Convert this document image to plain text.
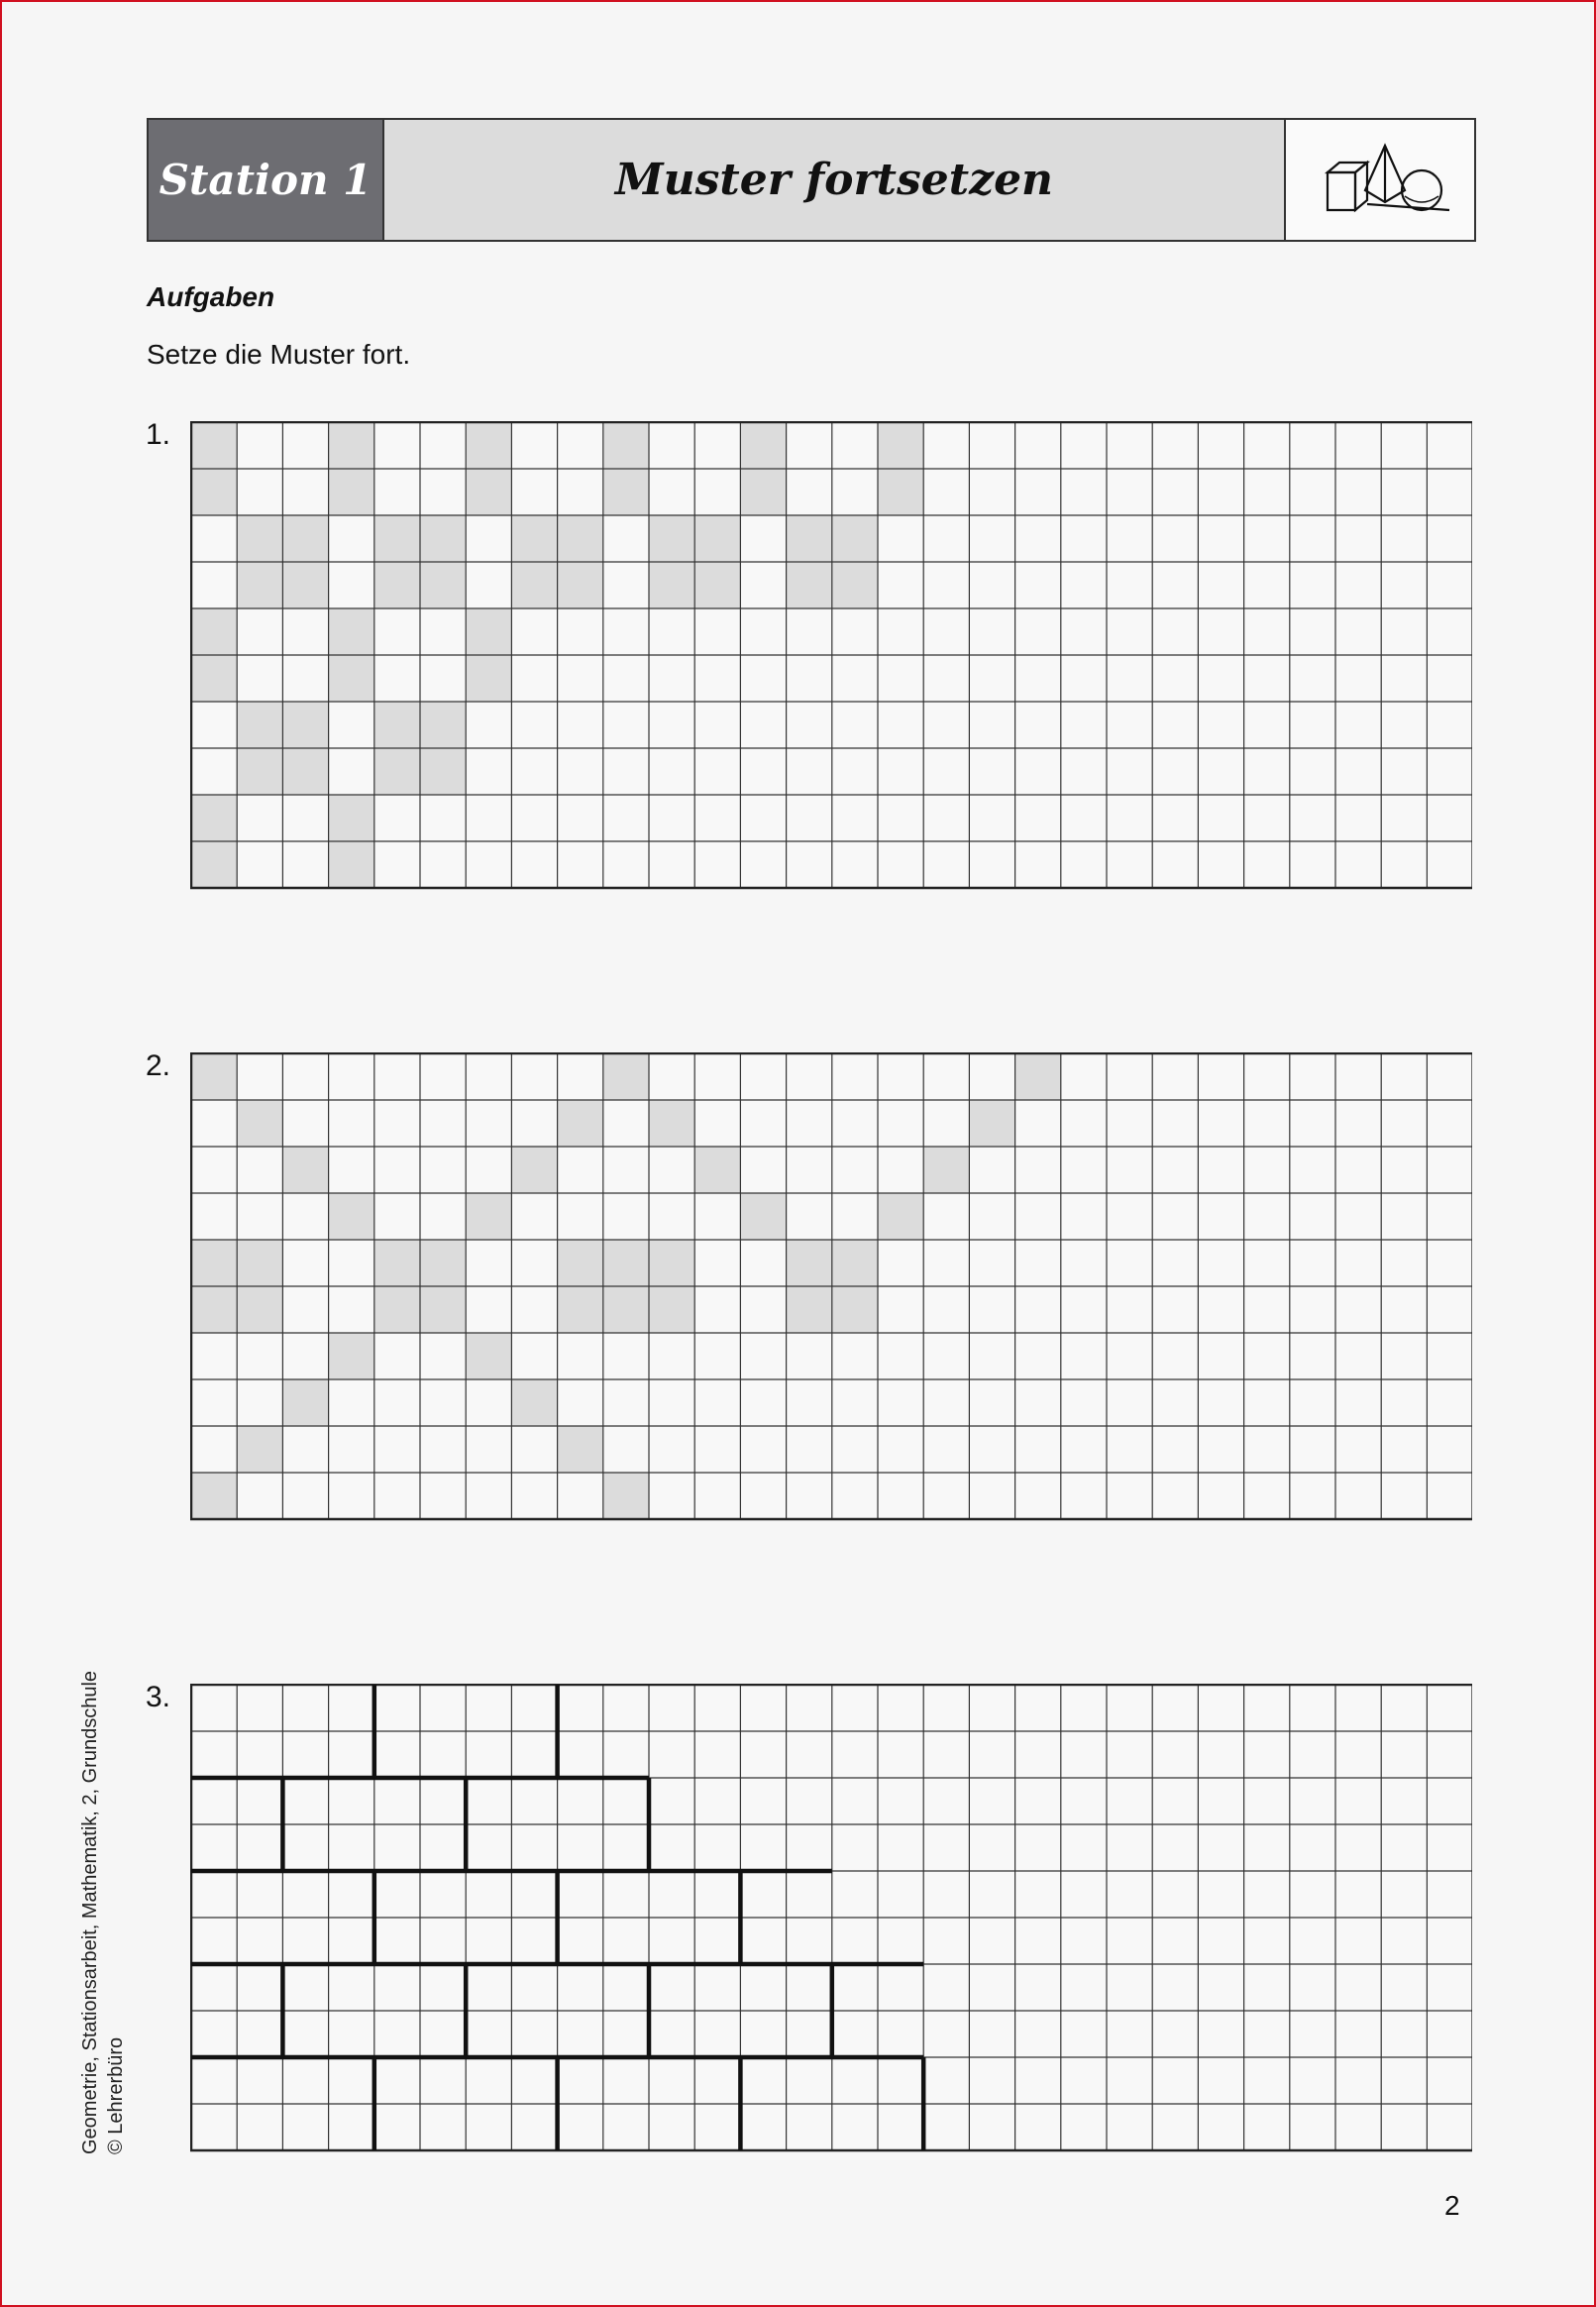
Station 1	Muster fortsetzen
Aufgaben
Setze die Muster fort.
1.
2.
3.
Geometrie, Stationsarbeit, Mathematik, 2, Grundschule © Lehrerbüro
2
